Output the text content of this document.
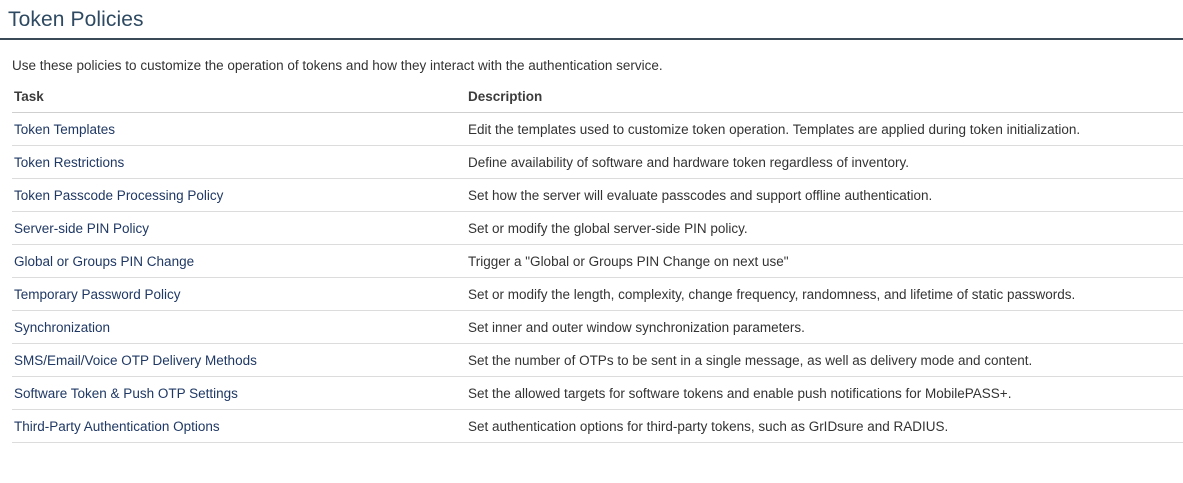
Token Policies
Use these policies to customize the operation of tokens and how they interact with the authentication service.
Task	Description
Token Templates	Edit the templates used to customize token operation. Templates are applied during token initialization.
Token Restrictions	Define availability of software and hardware token regardless of inventory.
Token Passcode Processing Policy	Set how the server will evaluate passcodes and support offline authentication.
Server-side PIN Policy	Set or modify the global server-side PIN policy.
Global or Groups PIN Change	Trigger a "Global or Groups PIN Change on next use"
Temporary Password Policy	Set or modify the length, complexity, change frequency, randomness, and lifetime of static passwords.
Synchronization	Set inner and outer window synchronization parameters.
SMS/Email/Voice OTP Delivery Methods	Set the number of OTPs to be sent in a single message, as well as delivery mode and content.
Software Token & Push OTP Settings	Set the allowed targets for software tokens and enable push notifications for MobilePASS+.
Third-Party Authentication Options	Set authentication options for third-party tokens, such as GrIDsure and RADIUS.
